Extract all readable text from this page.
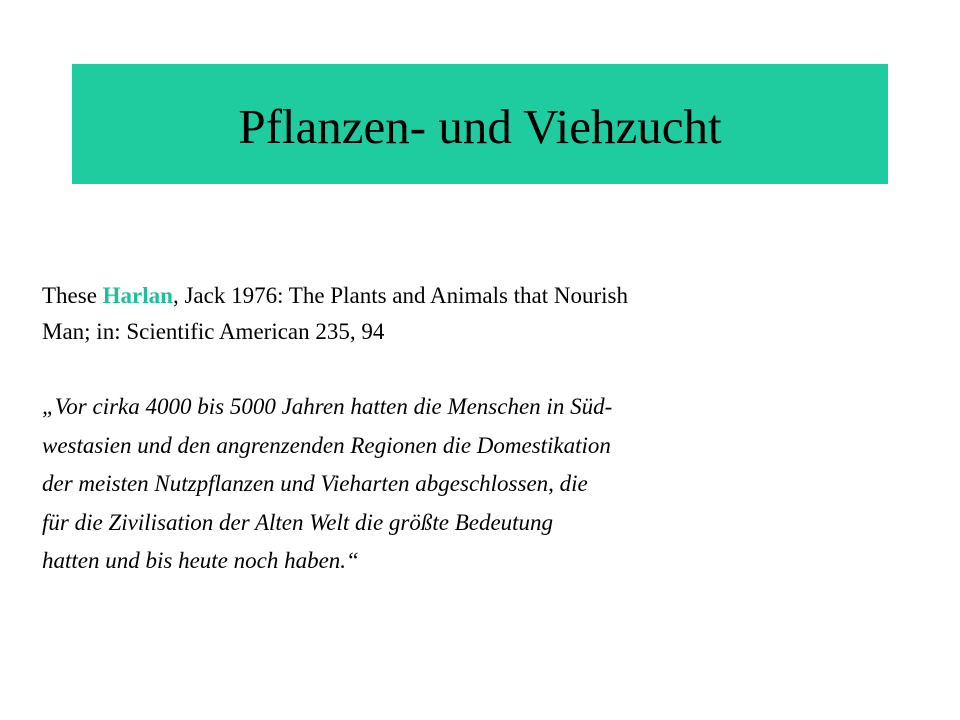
Pflanzen- und Viehzucht

These Harlan, Jack 1976: The Plants and Animals that Nourish

Man; in: Scientific American 235, 94

„Vor cirka 4000 bis 5000 Jahren hatten die Menschen in Süd-

westasien und den angrenzenden Regionen die Domestikation

der meisten Nutzpflanzen und Vieharten abgeschlossen, die

für die Zivilisation der Alten Welt die größte Bedeutung

hatten und bis heute noch haben.“
